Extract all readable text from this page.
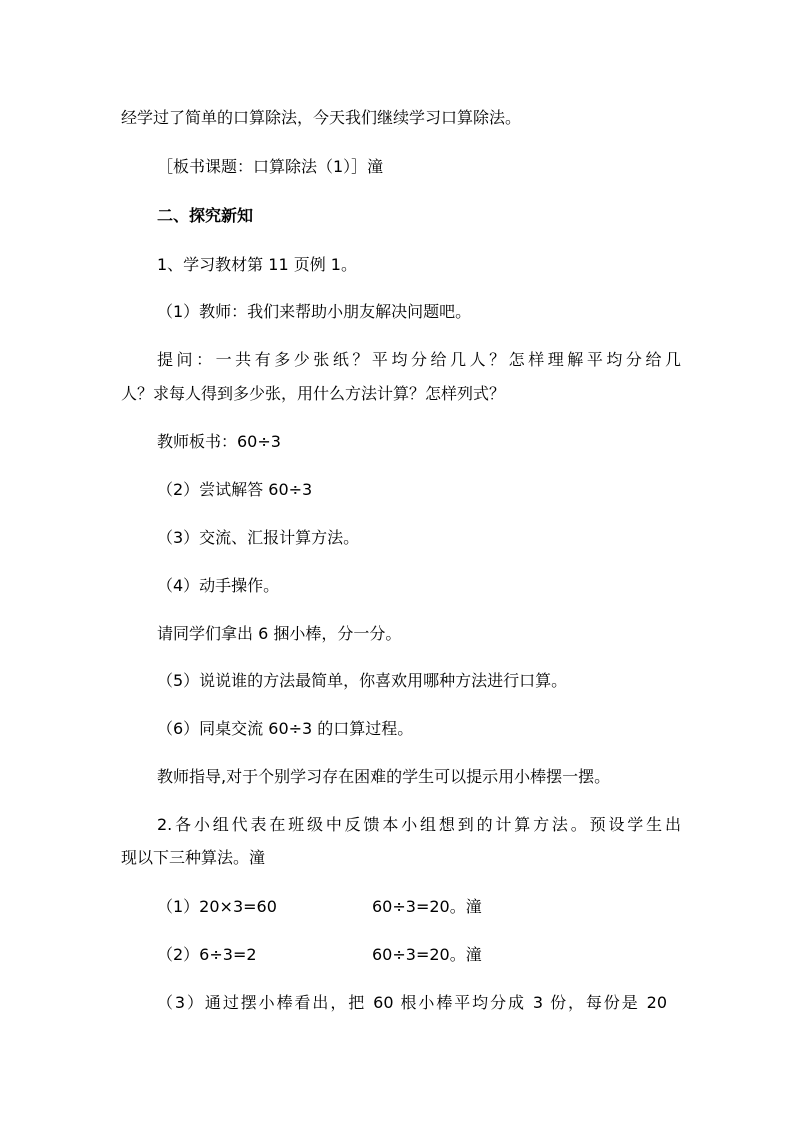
经学过了简单的口算除法，今天我们继续学习口算除法。
［板书课题：口算除法（1）］潼
二、探究新知
1、学习教材第 11 页例 1。
（1）教师：我们来帮助小朋友解决问题吧。
提问：一共有多少张纸？平均分给几人？怎样理解平均分给几
人？求每人得到多少张，用什么方法计算？怎样列式？
教师板书：60÷3
（2）尝试解答 60÷3
（3）交流、汇报计算方法。
（4）动手操作。
请同学们拿出 6 捆小棒，分一分。
（5）说说谁的方法最简单，你喜欢用哪种方法进行口算。
（6）同桌交流 60÷3 的口算过程。
教师指导,对于个别学习存在困难的学生可以提示用小棒摆一摆。
2.各小组代表在班级中反馈本小组想到的计算方法。预设学生出
现以下三种算法。潼
（1）20×3=60	60÷3=20。潼
（2）6÷3=2	60÷3=20。潼
（3）通过摆小棒看出，把 60 根小棒平均分成 3 份，每份是 20
